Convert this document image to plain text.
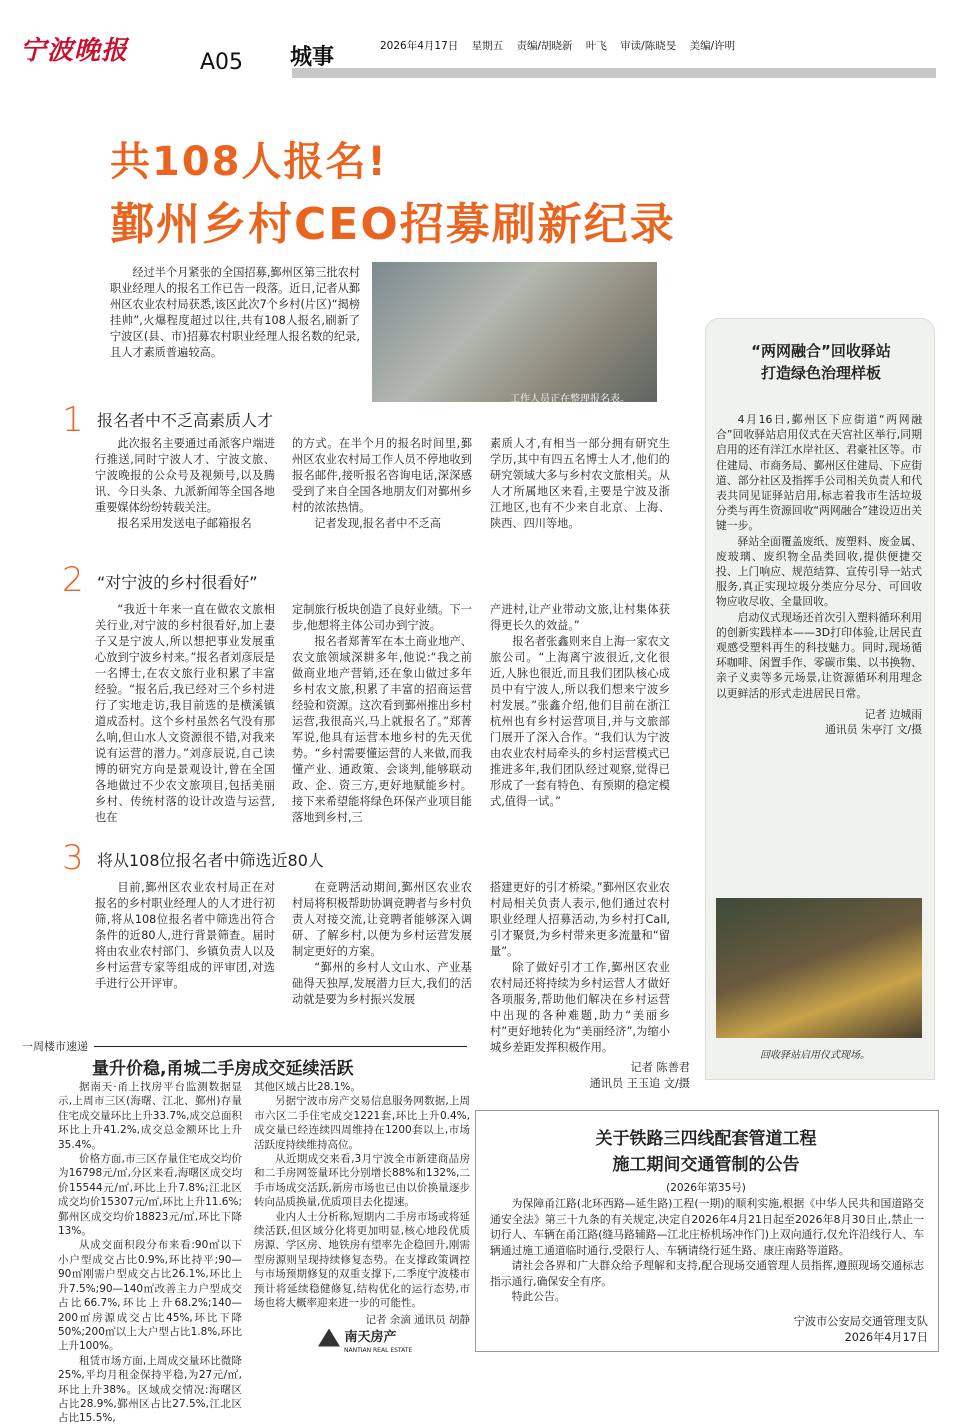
宁波晚报	A05 城事	2026年4月17日 星期五 责编/胡晓新 叶飞 审读/陈晓旻 美编/许明
共108人报名!
鄞州乡村CEO招募刷新纪录

经过半个月紧张的全国招募,鄞州区第三批农村职业经理人的报名工作已告一段落。近日,记者从鄞州区农业农村局获悉,该区此次7个乡村(片区)“揭榜挂帅”,火爆程度超过以往,共有108人报名,刷新了宁波区(县、市)招募农村职业经理人报名数的纪录,且人才素质普遍较高。

工作人员正在整理报名表。
1 报名者中不乏高素质人才

此次报名主要通过甬派客户端进行推送,同时宁波人才、宁波文旅、宁波晚报的公众号及视频号,以及腾讯、今日头条、九派新闻等全国各地重要媒体纷纷转载关注。

报名采用发送电子邮箱报名

的方式。在半个月的报名时间里,鄞州区农业农村局工作人员不停地收到报名邮件,接听报名咨询电话,深深感受到了来自全国各地朋友们对鄞州乡村的浓浓热情。

记者发现,报名者中不乏高

素质人才,有相当一部分拥有研究生学历,其中有四五名博士人才,他们的研究领域大多与乡村农文旅相关。从人才所属地区来看,主要是宁波及浙江地区,也有不少来自北京、上海、陕西、四川等地。

2 “对宁波的乡村很看好”

“我近十年来一直在做农文旅相关行业,对宁波的乡村很看好,加上妻子又是宁波人,所以想把事业发展重心放到宁波乡村来。”报名者刘彦辰是一名博士,在农文旅行业积累了丰富经验。“报名后,我已经对三个乡村进行了实地走访,我目前选的是横溪镇道成岙村。这个乡村虽然名气没有那么响,但山水人文资源很不错,对我来说有运营的潜力。”刘彦辰说,自己读博的研究方向是景观设计,曾在全国各地做过不少农文旅项目,包括美丽乡村、传统村落的设计改造与运营,也在

定制旅行板块创造了良好业绩。下一步,他想将主体公司办到宁波。

报名者郑菁军在本土商业地产、农文旅领域深耕多年,他说:“我之前做商业地产营销,还在象山做过多年乡村农文旅,积累了丰富的招商运营经验和资源。这次看到鄞州推出乡村运营,我很高兴,马上就报名了。”郑菁军说,他具有运营本地乡村的先天优势。“乡村需要懂运营的人来做,而我懂产业、通政策、会谈判,能够联动政、企、资三方,更好地赋能乡村。接下来希望能将绿色环保产业项目能落地到乡村,三

产进村,让产业带动文旅,让村集体获得更长久的效益。”

报名者张鑫则来自上海一家农文旅公司。“上海离宁波很近,文化很近,人脉也很近,而且我们团队核心成员中有宁波人,所以我们想来宁波乡村发展。”张鑫介绍,他们目前在浙江杭州也有乡村运营项目,并与文旅部门展开了深入合作。“我们认为宁波由农业农村局牵头的乡村运营模式已推进多年,我们团队经过观察,觉得已形成了一套有特色、有预期的稳定模式,值得一试。”

3 将从108位报名者中筛选近80人

目前,鄞州区农业农村局正在对报名的乡村职业经理人的人才进行初筛,将从108位报名者中筛选出符合条件的近80人,进行背景筛查。届时将由农业农村部门、乡镇负责人以及乡村运营专家等组成的评审团,对选手进行公开评审。

在竞聘活动期间,鄞州区农业农村局将积极帮助协调竞聘者与乡村负责人对接交流,让竞聘者能够深入调研、了解乡村,以便为乡村运营发展制定更好的方案。

“鄞州的乡村人文山水、产业基础得天独厚,发展潜力巨大,我们的活动就是要为乡村振兴发展

搭建更好的引才桥梁。”鄞州区农业农村局相关负责人表示,他们通过农村职业经理人招募活动,为乡村打Call,引才聚贤,为乡村带来更多流量和“留量”。

除了做好引才工作,鄞州区农业农村局还将持续为乡村运营人才做好各项服务,帮助他们解决在乡村运营中出现的各种难题,助力“美丽乡村”更好地转化为“美丽经济”,为缩小城乡差距发挥积极作用。

记者 陈善君
通讯员 王玉追 文/摄
“两网融合”回收驿站
打造绿色治理样板

4月16日,鄞州区下应街道“两网融合”回收驿站启用仪式在天宫社区举行,同期启用的还有洋江水岸社区、君豪社区等。市住建局、市商务局、鄞州区住建局、下应街道、部分社区及指挥手公司相关负责人和代表共同见证驿站启用,标志着我市生活垃圾分类与再生资源回收“两网融合”建设迈出关键一步。

驿站全面覆盖废纸、废塑料、废金属、废玻璃、废织物全品类回收,提供便捷交投、上门响应、规范结算、宣传引导一站式服务,真正实现垃圾分类应分尽分、可回收物应收尽收、全量回收。

启动仪式现场还首次引入塑料循环利用的创新实践样本——3D打印体验,让居民直观感受塑料再生的科技魅力。同时,现场循环咖啡、闲置手作、零碳市集、以书换物、亲子义卖等多元场景,让资源循环利用理念以更鲜活的形式走进居民日常。

记者 边城雨
通讯员 朱亭汀 文/摄
回收驿站启用仪式现场。
一周楼市速递
量升价稳,甬城二手房成交延续活跃

据南天·甬上找房平台监测数据显示,上周市三区(海曙、江北、鄞州)存量住宅成交量环比上升33.7%,成交总面积环比上升41.2%,成交总金额环比上升35.4%。

价格方面,市三区存量住宅成交均价为16798元/㎡,分区来看,海曙区成交均价15544元/㎡,环比上升7.8%;江北区成交均价15307元/㎡,环比上升11.6%;鄞州区成交均价18823元/㎡,环比下降13%。

从成交面积段分布来看:90㎡以下小户型成交占比0.9%,环比持平;90—90㎡刚需户型成交占比26.1%,环比上升7.5%;90—140㎡改善主力户型成交占比66.7%,环比上升68.2%;140—200㎡房源成交占比45%,环比下降50%;200㎡以上大户型占比1.8%,环比上升100%。

租赁市场方面,上周成交量环比微降25%,平均月租金保持平稳,为27元/㎡,环比上升38%。区域成交情况:海曙区占比28.9%,鄞州区占比27.5%,江北区占比15.5%,

其他区域占比28.1%。

另据宁波市房产交易信息服务网数据,上周市六区二手住宅成交1221套,环比上升0.4%,成交量已经连续四周维持在1200套以上,市场活跃度持续维持高位。

从近期成交来看,3月宁波全市新建商品房和二手房网签量环比分别增长88%和132%,二手市场成交活跃,新房市场也已由以价换量逐步转向品质换量,优质项目去化提速。

业内人士分析称,短期内二手房市场或将延续活跃,但区域分化将更加明显,核心地段优质房源、学区房、地铁房有望率先企稳回升,刚需型房源则呈现持续修复态势。在支撑政策调控与市场预期修复的双重支撑下,二季度宁波楼市预计将延续稳健修复,结构优化的运行态势,市场也将大概率迎来进一步的可能性。

记者 余滴 通讯员 胡静
南天房产
NANTIAN REAL ESTATE
关于铁路三四线配套管道工程
施工期间交通管制的公告
(2026年第35号)

为保障甬江路(北环西路—延生路)工程(一期)的顺利实施,根据《中华人民共和国道路交通安全法》第三十九条的有关规定,决定自2026年4月21日起至2026年8月30日止,禁止一切行人、车辆在甬江路(缝马路辅路—江北庄桥机场冲作门)上双向通行,仅允许沿线行人、车辆通过施工通道临时通行,受限行人、车辆请绕行延生路、康庄南路等道路。

请社会各界和广大群众给予理解和支持,配合现场交通管理人员指挥,遵照现场交通标志指示通行,确保安全有序。

特此公告。

宁波市公安局交通管理支队
2026年4月17日
